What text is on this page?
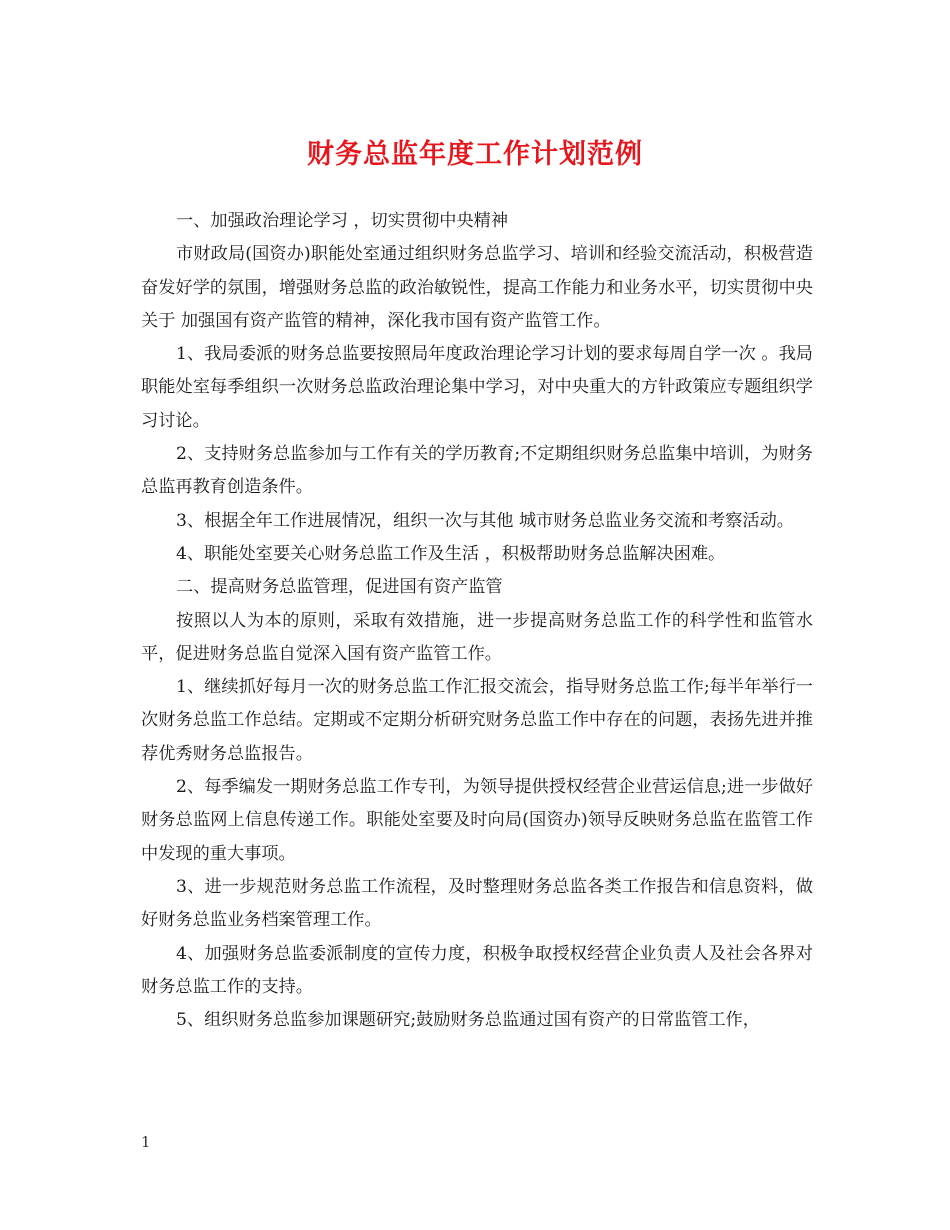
财务总监年度工作计划范例

一、加强政治理论学习 ，切实贯彻中央精神

市财政局(国资办)职能处室通过组织财务总监学习、培训和经验交流活动，积极营造奋发好学的氛围，增强财务总监的政治敏锐性，提高工作能力和业务水平，切实贯彻中央关于 加强国有资产监管的精神，深化我市国有资产监管工作。

1、我局委派的财务总监要按照局年度政治理论学习计划的要求每周自学一次 。我局职能处室每季组织一次财务总监政治理论集中学习，对中央重大的方针政策应专题组织学习讨论。

2、支持财务总监参加与工作有关的学历教育;不定期组织财务总监集中培训，为财务总监再教育创造条件。

3、根据全年工作进展情况，组织一次与其他 城市财务总监业务交流和考察活动。

4、职能处室要关心财务总监工作及生活 ，积极帮助财务总监解决困难。

二、提高财务总监管理，促进国有资产监管

按照以人为本的原则，采取有效措施，进一步提高财务总监工作的科学性和监管水平，促进财务总监自觉深入国有资产监管工作。

1、继续抓好每月一次的财务总监工作汇报交流会，指导财务总监工作;每半年举行一次财务总监工作总结。定期或不定期分析研究财务总监工作中存在的问题，表扬先进并推荐优秀财务总监报告。

2、每季编发一期财务总监工作专刊，为领导提供授权经营企业营运信息;进一步做好财务总监网上信息传递工作。职能处室要及时向局(国资办)领导反映财务总监在监管工作中发现的重大事项。

3、进一步规范财务总监工作流程，及时整理财务总监各类工作报告和信息资料，做好财务总监业务档案管理工作。

4、加强财务总监委派制度的宣传力度，积极争取授权经营企业负责人及社会各界对财务总监工作的支持。

5、组织财务总监参加课题研究;鼓励财务总监通过国有资产的日常监管工作，

1
